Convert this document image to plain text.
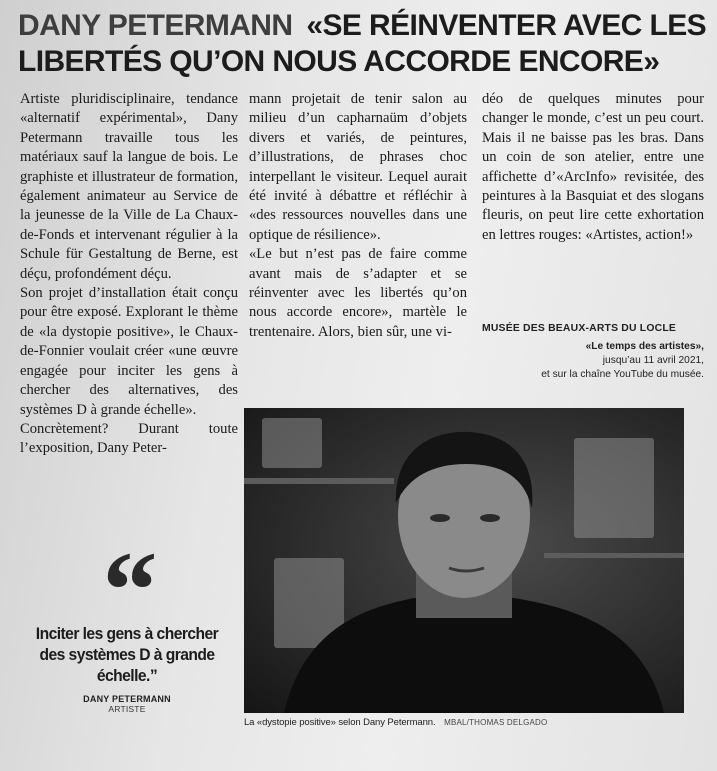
DANY PETERMANN «SE RÉINVENTER AVEC LES LIBERTÉS QU’ON NOUS ACCORDE ENCORE»

Artiste pluridisciplinaire, tendance «alternatif expérimental», Dany Petermann travaille tous les matériaux sauf la langue de bois. Le graphiste et illustrateur de formation, également animateur au Service de la jeunesse de la Ville de La Chaux-de-Fonds et intervenant régulier à la Schule für Gestaltung de Berne, est déçu, profondément déçu.

Son projet d’installation était conçu pour être exposé. Explorant le thème de «la dystopie positive», le Chaux-de-Fonnier voulait créer «une œuvre engagée pour inciter les gens à chercher des alternatives, des systèmes D à grande échelle».

Concrètement? Durant toute l’exposition, Dany Peter-

mann projetait de tenir salon au milieu d’un capharnaüm d’objets divers et variés, de peintures, d’illustrations, de phrases choc interpellant le visiteur. Lequel aurait été invité à débattre et réfléchir à «des ressources nouvelles dans une optique de résilience».

«Le but n’est pas de faire comme avant mais de s’adapter et se réinventer avec les libertés qu’on nous accorde encore», martèle le trentenaire. Alors, bien sûr, une vi-

déo de quelques minutes pour changer le monde, c’est un peu court. Mais il ne baisse pas les bras. Dans un coin de son atelier, entre une affichette d’«ArcInfo» revisitée, des peintures à la Basquiat et des slogans fleuris, on peut lire cette exhortation en lettres rouges: «Artistes, action!»

MUSÉE DES BEAUX-ARTS DU LOCLE
«Le temps des artistes»,
jusqu’au 11 avril 2021,
et sur la chaîne YouTube du musée.
“

Inciter les gens à chercher des systèmes D à grande échelle.”

DANY PETERMANN
ARTISTE
La «dystopie positive» selon Dany Petermann. MBAL/THOMAS DELGADO
